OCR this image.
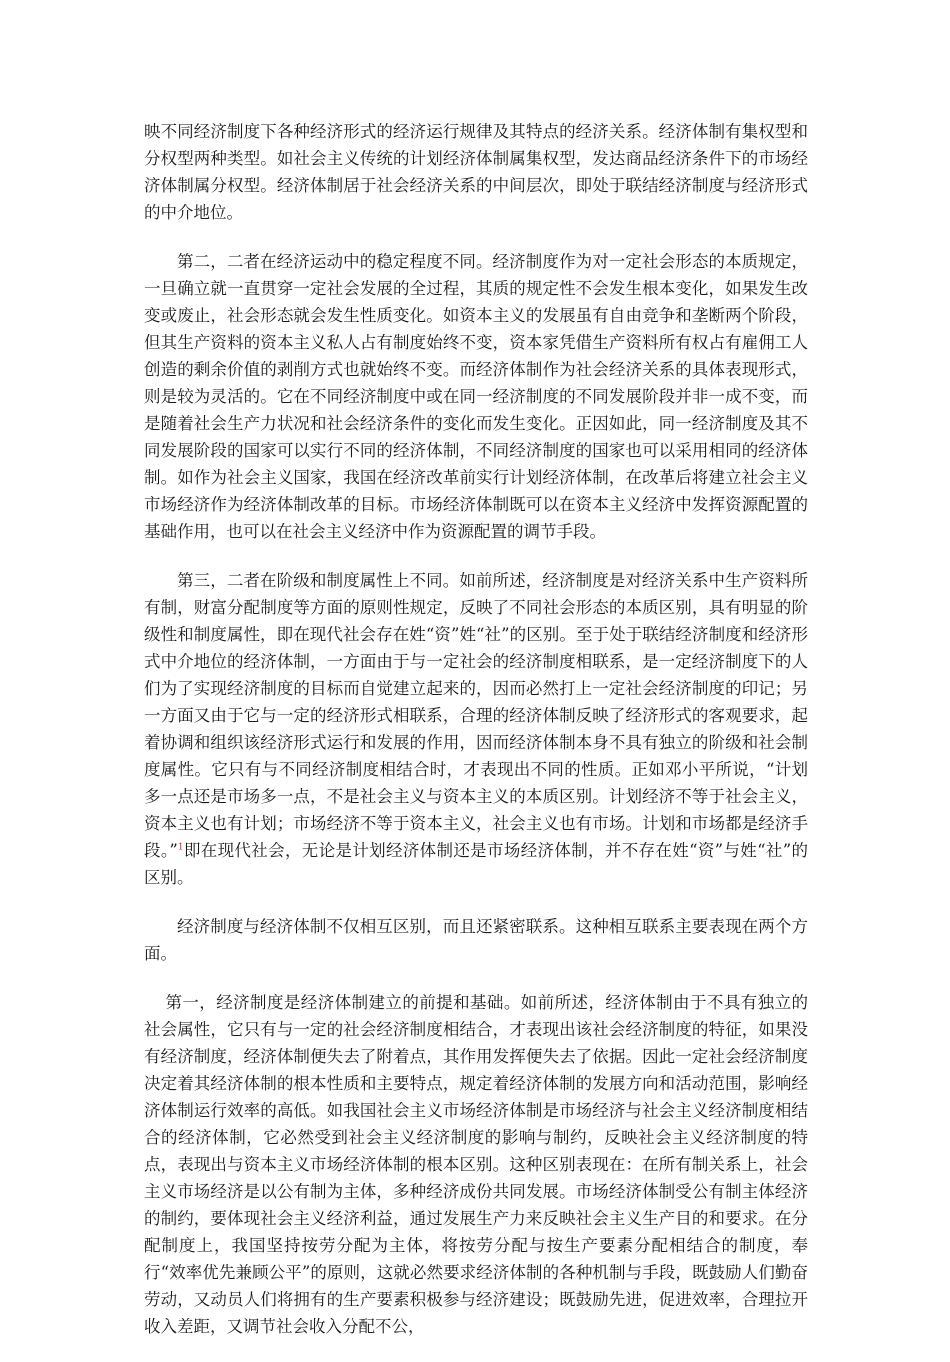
映不同经济制度下各种经济形式的经济运行规律及其特点的经济关系。经济体制有集权型和分权型两种类型。如社会主义传统的计划经济体制属集权型，发达商品经济条件下的市场经济体制属分权型。经济体制居于社会经济关系的中间层次，即处于联结经济制度与经济形式的中介地位。

第二，二者在经济运动中的稳定程度不同。经济制度作为对一定社会形态的本质规定，一旦确立就一直贯穿一定社会发展的全过程，其质的规定性不会发生根本变化，如果发生改变或废止，社会形态就会发生性质变化。如资本主义的发展虽有自由竞争和垄断两个阶段，但其生产资料的资本主义私人占有制度始终不变，资本家凭借生产资料所有权占有雇佣工人创造的剩余价值的剥削方式也就始终不变。而经济体制作为社会经济关系的具体表现形式，则是较为灵活的。它在不同经济制度中或在同一经济制度的不同发展阶段并非一成不变，而是随着社会生产力状况和社会经济条件的变化而发生变化。正因如此，同一经济制度及其不同发展阶段的国家可以实行不同的经济体制，不同经济制度的国家也可以采用相同的经济体制。如作为社会主义国家，我国在经济改革前实行计划经济体制，在改革后将建立社会主义市场经济作为经济体制改革的目标。市场经济体制既可以在资本主义经济中发挥资源配置的基础作用，也可以在社会主义经济中作为资源配置的调节手段。

第三，二者在阶级和制度属性上不同。如前所述，经济制度是对经济关系中生产资料所有制，财富分配制度等方面的原则性规定，反映了不同社会形态的本质区别，具有明显的阶级性和制度属性，即在现代社会存在姓“资”姓“社”的区别。至于处于联结经济制度和经济形式中介地位的经济体制，一方面由于与一定社会的经济制度相联系，是一定经济制度下的人们为了实现经济制度的目标而自觉建立起来的，因而必然打上一定社会经济制度的印记；另一方面又由于它与一定的经济形式相联系，合理的经济体制反映了经济形式的客观要求，起着协调和组织该经济形式运行和发展的作用，因而经济体制本身不具有独立的阶级和社会制度属性。它只有与不同经济制度相结合时，才表现出不同的性质。正如邓小平所说，“计划多一点还是市场多一点，不是社会主义与资本主义的本质区别。计划经济不等于社会主义，资本主义也有计划；市场经济不等于资本主义，社会主义也有市场。计划和市场都是经济手段。”$^1$即在现代社会，无论是计划经济体制还是市场经济体制，并不存在姓“资”与姓“社”的区别。

经济制度与经济体制不仅相互区别，而且还紧密联系。这种相互联系主要表现在两个方面。

第一，经济制度是经济体制建立的前提和基础。如前所述，经济体制由于不具有独立的社会属性，它只有与一定的社会经济制度相结合，才表现出该社会经济制度的特征，如果没有经济制度，经济体制便失去了附着点，其作用发挥便失去了依据。因此一定社会经济制度决定着其经济体制的根本性质和主要特点，规定着经济体制的发展方向和活动范围，影响经济体制运行效率的高低。如我国社会主义市场经济体制是市场经济与社会主义经济制度相结合的经济体制，它必然受到社会主义经济制度的影响与制约，反映社会主义经济制度的特点，表现出与资本主义市场经济体制的根本区别。这种区别表现在：在所有制关系上，社会主义市场经济是以公有制为主体，多种经济成份共同发展。市场经济体制受公有制主体经济的制约，要体现社会主义经济利益，通过发展生产力来反映社会主义生产目的和要求。在分配制度上，我国坚持按劳分配为主体，将按劳分配与按生产要素分配相结合的制度，奉行“效率优先兼顾公平”的原则，这就必然要求经济体制的各种机制与手段，既鼓励人们勤奋劳动，又动员人们将拥有的生产要素积极参与经济建设；既鼓励先进，促进效率，合理拉开收入差距，又调节社会收入分配不公，
